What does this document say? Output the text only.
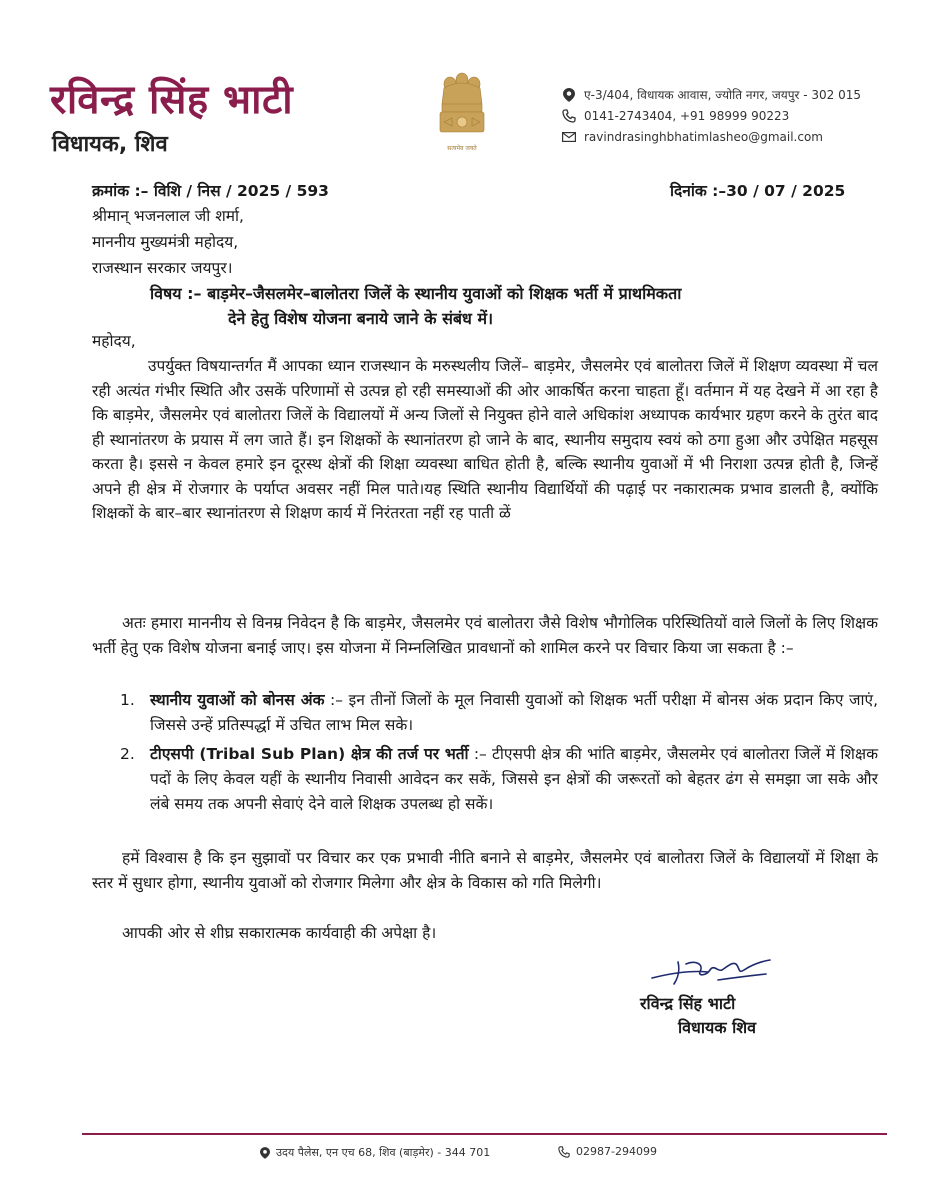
रविन्द्र सिंह भाटी
विधायक, शिव	सत्यमेव जयते
ए-3/404, विधायक आवास, ज्योति नगर, जयपुर - 302 015
0141-2743404, +91 98999 90223
ravindrasinghbhatimlasheo@gmail.com
क्रमांक :– विशि / निस / 2025 / 593	दिनांक :–30 / 07 / 2025
श्रीमान् भजनलाल जी शर्मा,
माननीय मुख्यमंत्री महोदय,
राजस्थान सरकार जयपुर।
विषय :– बाड़मेर–जैसलमेर–बालोतरा जिलें के स्थानीय युवाओं को शिक्षक भर्ती में प्राथमिकता
देने हेतु विशेष योजना बनाये जाने के संबंध में।
महोदय,
उपर्युक्त विषयान्तर्गत मैं आपका ध्यान राजस्थान के मरुस्थलीय जिलें– बाड़मेर, जैसलमेर एवं बालोतरा जिलें में शिक्षण व्यवस्था में चल रही अत्यंत गंभीर स्थिति और उसकें परिणामों से उत्पन्न हो रही समस्याओं की ओर आकर्षित करना चाहता हूँ। वर्तमान में यह देखने में आ रहा है कि बाड़मेर, जैसलमेर एवं बालोतरा जिलें के विद्यालयों में अन्य जिलों से नियुक्त होने वाले अधिकांश अध्यापक कार्यभार ग्रहण करने के तुरंत बाद ही स्थानांतरण के प्रयास में लग जाते हैं। इन शिक्षकों के स्थानांतरण हो जाने के बाद, स्थानीय समुदाय स्वयं को ठगा हुआ और उपेक्षित महसूस करता है। इससे न केवल हमारे इन दूरस्थ क्षेत्रों की शिक्षा व्यवस्था बाधित होती है, बल्कि स्थानीय युवाओं में भी निराशा उत्पन्न होती है, जिन्हें अपने ही क्षेत्र में रोजगार के पर्याप्त अवसर नहीं मिल पाते।यह स्थिति स्थानीय विद्यार्थियों की पढ़ाई पर नकारात्मक प्रभाव डालती है, क्योंकि शिक्षकों के बार–बार स्थानांतरण से शिक्षण कार्य में निरंतरता नहीं रह पाती ळें
अतः हमारा माननीय से विनम्र निवेदन है कि बाड़मेर, जैसलमेर एवं बालोतरा जैसे विशेष भौगोलिक परिस्थितियों वाले जिलों के लिए शिक्षक भर्ती हेतु एक विशेष योजना बनाई जाए। इस योजना में निम्नलिखित प्रावधानों को शामिल करने पर विचार किया जा सकता है :–
1. स्थानीय युवाओं को बोनस अंक :– इन तीनों जिलों के मूल निवासी युवाओं को शिक्षक भर्ती परीक्षा में बोनस अंक प्रदान किए जाएं, जिससे उन्हें प्रतिस्पर्द्धा में उचित लाभ मिल सके।
2. टीएसपी (Tribal Sub Plan) क्षेत्र की तर्ज पर भर्ती :– टीएसपी क्षेत्र की भांति बाड़मेर, जैसलमेर एवं बालोतरा जिलें में शिक्षक पदों के लिए केवल यहीं के स्थानीय निवासी आवेदन कर सकें, जिससे इन क्षेत्रों की जरूरतों को बेहतर ढंग से समझा जा सके और लंबे समय तक अपनी सेवाएं देने वाले शिक्षक उपलब्ध हो सकें।
हमें विश्वास है कि इन सुझावों पर विचार कर एक प्रभावी नीति बनाने से बाड़मेर, जैसलमेर एवं बालोतरा जिलें के विद्यालयों में शिक्षा के स्तर में सुधार होगा, स्थानीय युवाओं को रोजगार मिलेगा और क्षेत्र के विकास को गति मिलेगी।
आपकी ओर से शीघ्र सकारात्मक कार्यवाही की अपेक्षा है।
रविन्द्र सिंह भाटी
विधायक शिव
उदय पैलेस, एन एच 68, शिव (बाड़मेर) - 344 701	02987-294099
